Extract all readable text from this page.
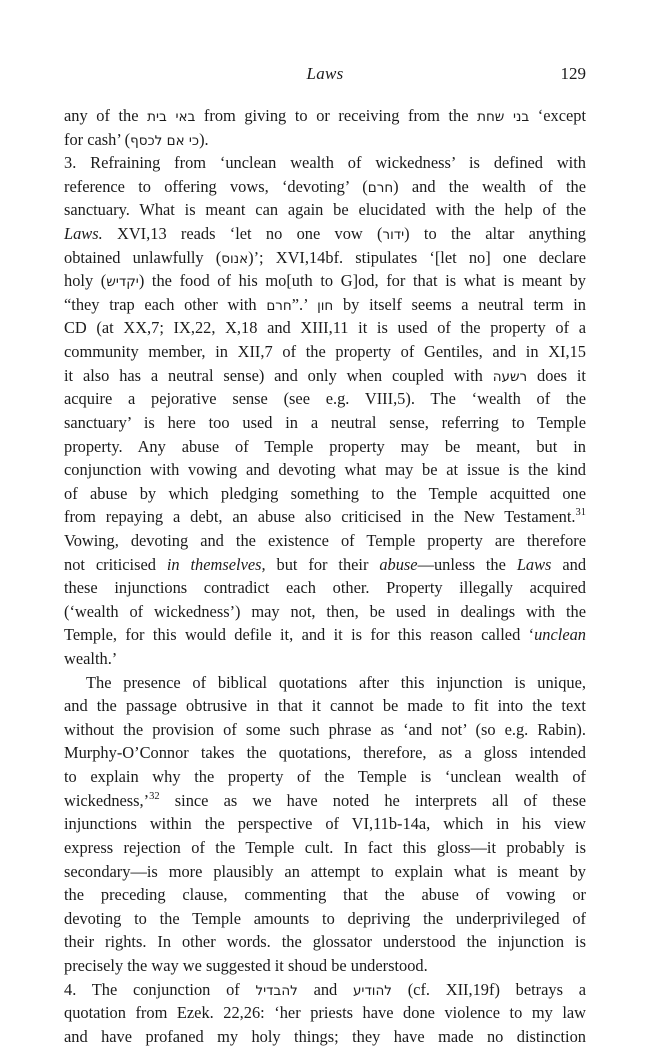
Laws	129
any of the בית באי from giving to or receiving from the שחת בני ‘except
for cash’ (כי אם לכסף).
3. Refraining from ‘unclean wealth of wickedness’ is defined with
reference to offering vows, ‘devoting’ (חרם) and the wealth of the
sanctuary. What is meant can again be elucidated with the help of the
Laws. XVI,13 reads ‘let no one vow (ידור) to the altar anything
obtained unlawfully (אנוס)’; XVI,14bf. stipulates ‘[let no] one declare
holy (יקדיש) the food of his mo[uth to G]od, for that is what is meant by
“they trap each other with חרם”.’ חון by itself seems a neutral term in
CD (at XX,7; IX,22, X,18 and XIII,11 it is used of the property of a
community member, in XII,7 of the property of Gentiles, and in XI,15
it also has a neutral sense) and only when coupled with רשעה does it
acquire a pejorative sense (see e.g. VIII,5). The ‘wealth of the
sanctuary’ is here too used in a neutral sense, referring to Temple
property. Any abuse of Temple property may be meant, but in
conjunction with vowing and devoting what may be at issue is the kind
of abuse by which pledging something to the Temple acquitted one
from repaying a debt, an abuse also criticised in the New Testament.$^{31}$
Vowing, devoting and the existence of Temple property are therefore
not criticised in themselves, but for their abuse—unless the Laws and
these injunctions contradict each other. Property illegally acquired
(‘wealth of wickedness’) may not, then, be used in dealings with the
Temple, for this would defile it, and it is for this reason called ‘unclean
wealth.’
The presence of biblical quotations after this injunction is unique,
and the passage obtrusive in that it cannot be made to fit into the text
without the provision of some such phrase as ‘and not’ (so e.g. Rabin).
Murphy-O’Connor takes the quotations, therefore, as a gloss intended
to explain why the property of the Temple is ‘unclean wealth of
wickedness,’$^{32}$ since as we have noted he interprets all of these
injunctions within the perspective of VI,11b-14a, which in his view
express rejection of the Temple cult. In fact this gloss—it probably is
secondary—is more plausibly an attempt to explain what is meant by
the preceding clause, commenting that the abuse of vowing or
devoting to the Temple amounts to depriving the underprivileged of
their rights. In other words. the glossator understood the injunction is
precisely the way we suggested it shoud be understood.
4. The conjunction of להבדיל and להודיע (cf. XII,19f) betrays a
quotation from Ezek. 22,26: ‘her priests have done violence to my law
and have profaned my holy things; they have made no distinction
